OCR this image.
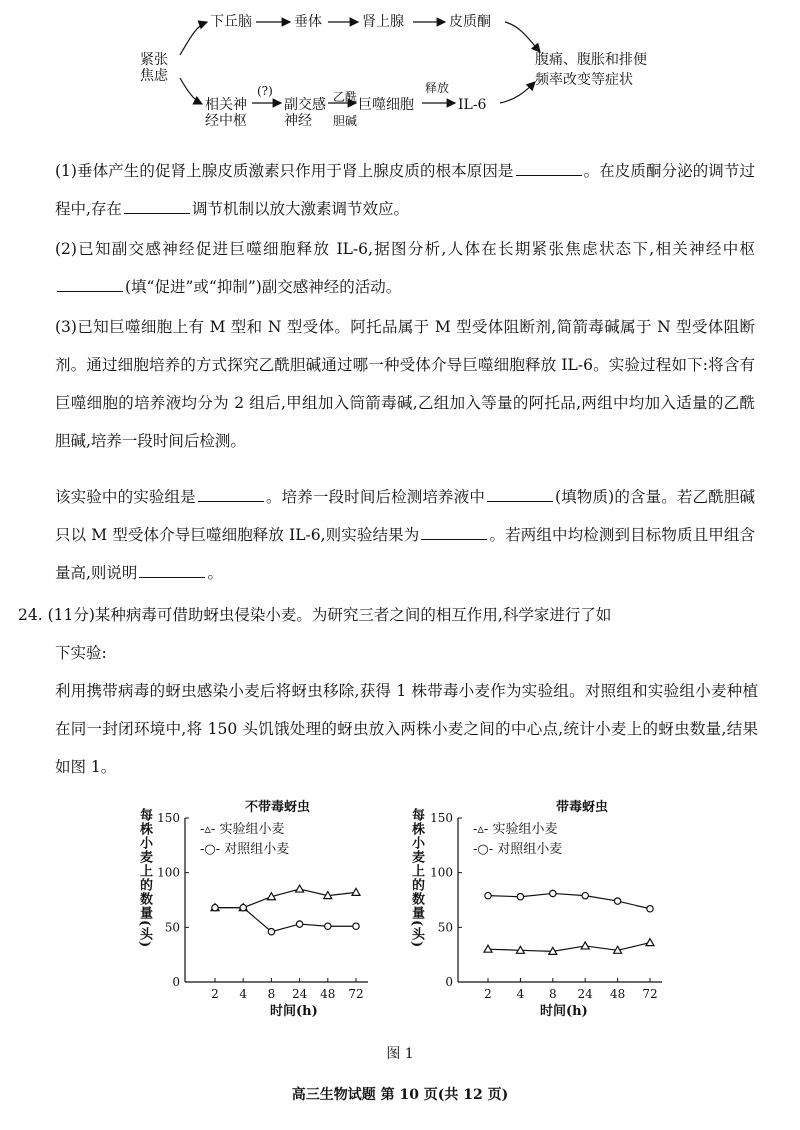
紧张
焦虑
下丘脑	垂体	肾上腺	皮质酮
相关神
经中枢
副交感
神经
巨噬细胞	IL-6
(?)	乙酰
胆碱
释放
腹痛、腹胀和排便
频率改变等症状

(1)垂体产生的促肾上腺皮质激素只作用于肾上腺皮质的根本原因是	。在皮质酮分泌的调节过程中,存在	调节机制以放大激素调节效应。

(2)已知副交感神经促进巨噬细胞释放 IL-6,据图分析,人体在长期紧张焦虑状态下,相关神经中枢(填“促进”或“抑制”)副交感神经的活动。

(3)已知巨噬细胞上有 M 型和 N 型受体。阿托品属于 M 型受体阻断剂,简箭毒碱属于 N 型受体阻断剂。通过细胞培养的方式探究乙酰胆碱通过哪一种受体介导巨噬细胞释放 IL-6。实验过程如下:将含有巨噬细胞的培养液均分为 2 组后,甲组加入筒箭毒碱,乙组加入等量的阿托品,两组中均加入适量的乙酰胆碱,培养一段时间后检测。

该实验中的实验组是	。培养一段时间后检测培养液中	(填物质)的含量。若乙酰胆碱只以 M 型受体介导巨噬细胞释放 IL-6,则实验结果为	。若两组中均检测到目标物质且甲组含量高,则说明	。

24. (11分)某种病毒可借助蚜虫侵染小麦。为研究三者之间的相互作用,科学家进行了如

下实验:

利用携带病毒的蚜虫感染小麦后将蚜虫移除,获得 1 株带毒小麦作为实验组。对照组和实验组小麦种植在同一封闭环境中,将 150 头饥饿处理的蚜虫放入两株小麦之间的中心点,统计小麦上的蚜虫数量,结果如图 1。

不带毒蚜虫
每株小麦上的数量(头)
时间(h)
-▵- 实验组小麦
-○- 对照组小麦
0
50
100
150
2 4 8 24 48 72
带毒蚜虫
每株小麦上的数量(头)
时间(h)
-▵- 实验组小麦
-○- 对照组小麦
0
50
100
150
2 4 8 24 48 72
图 1
高三生物试题 第 10 页(共 12 页)
